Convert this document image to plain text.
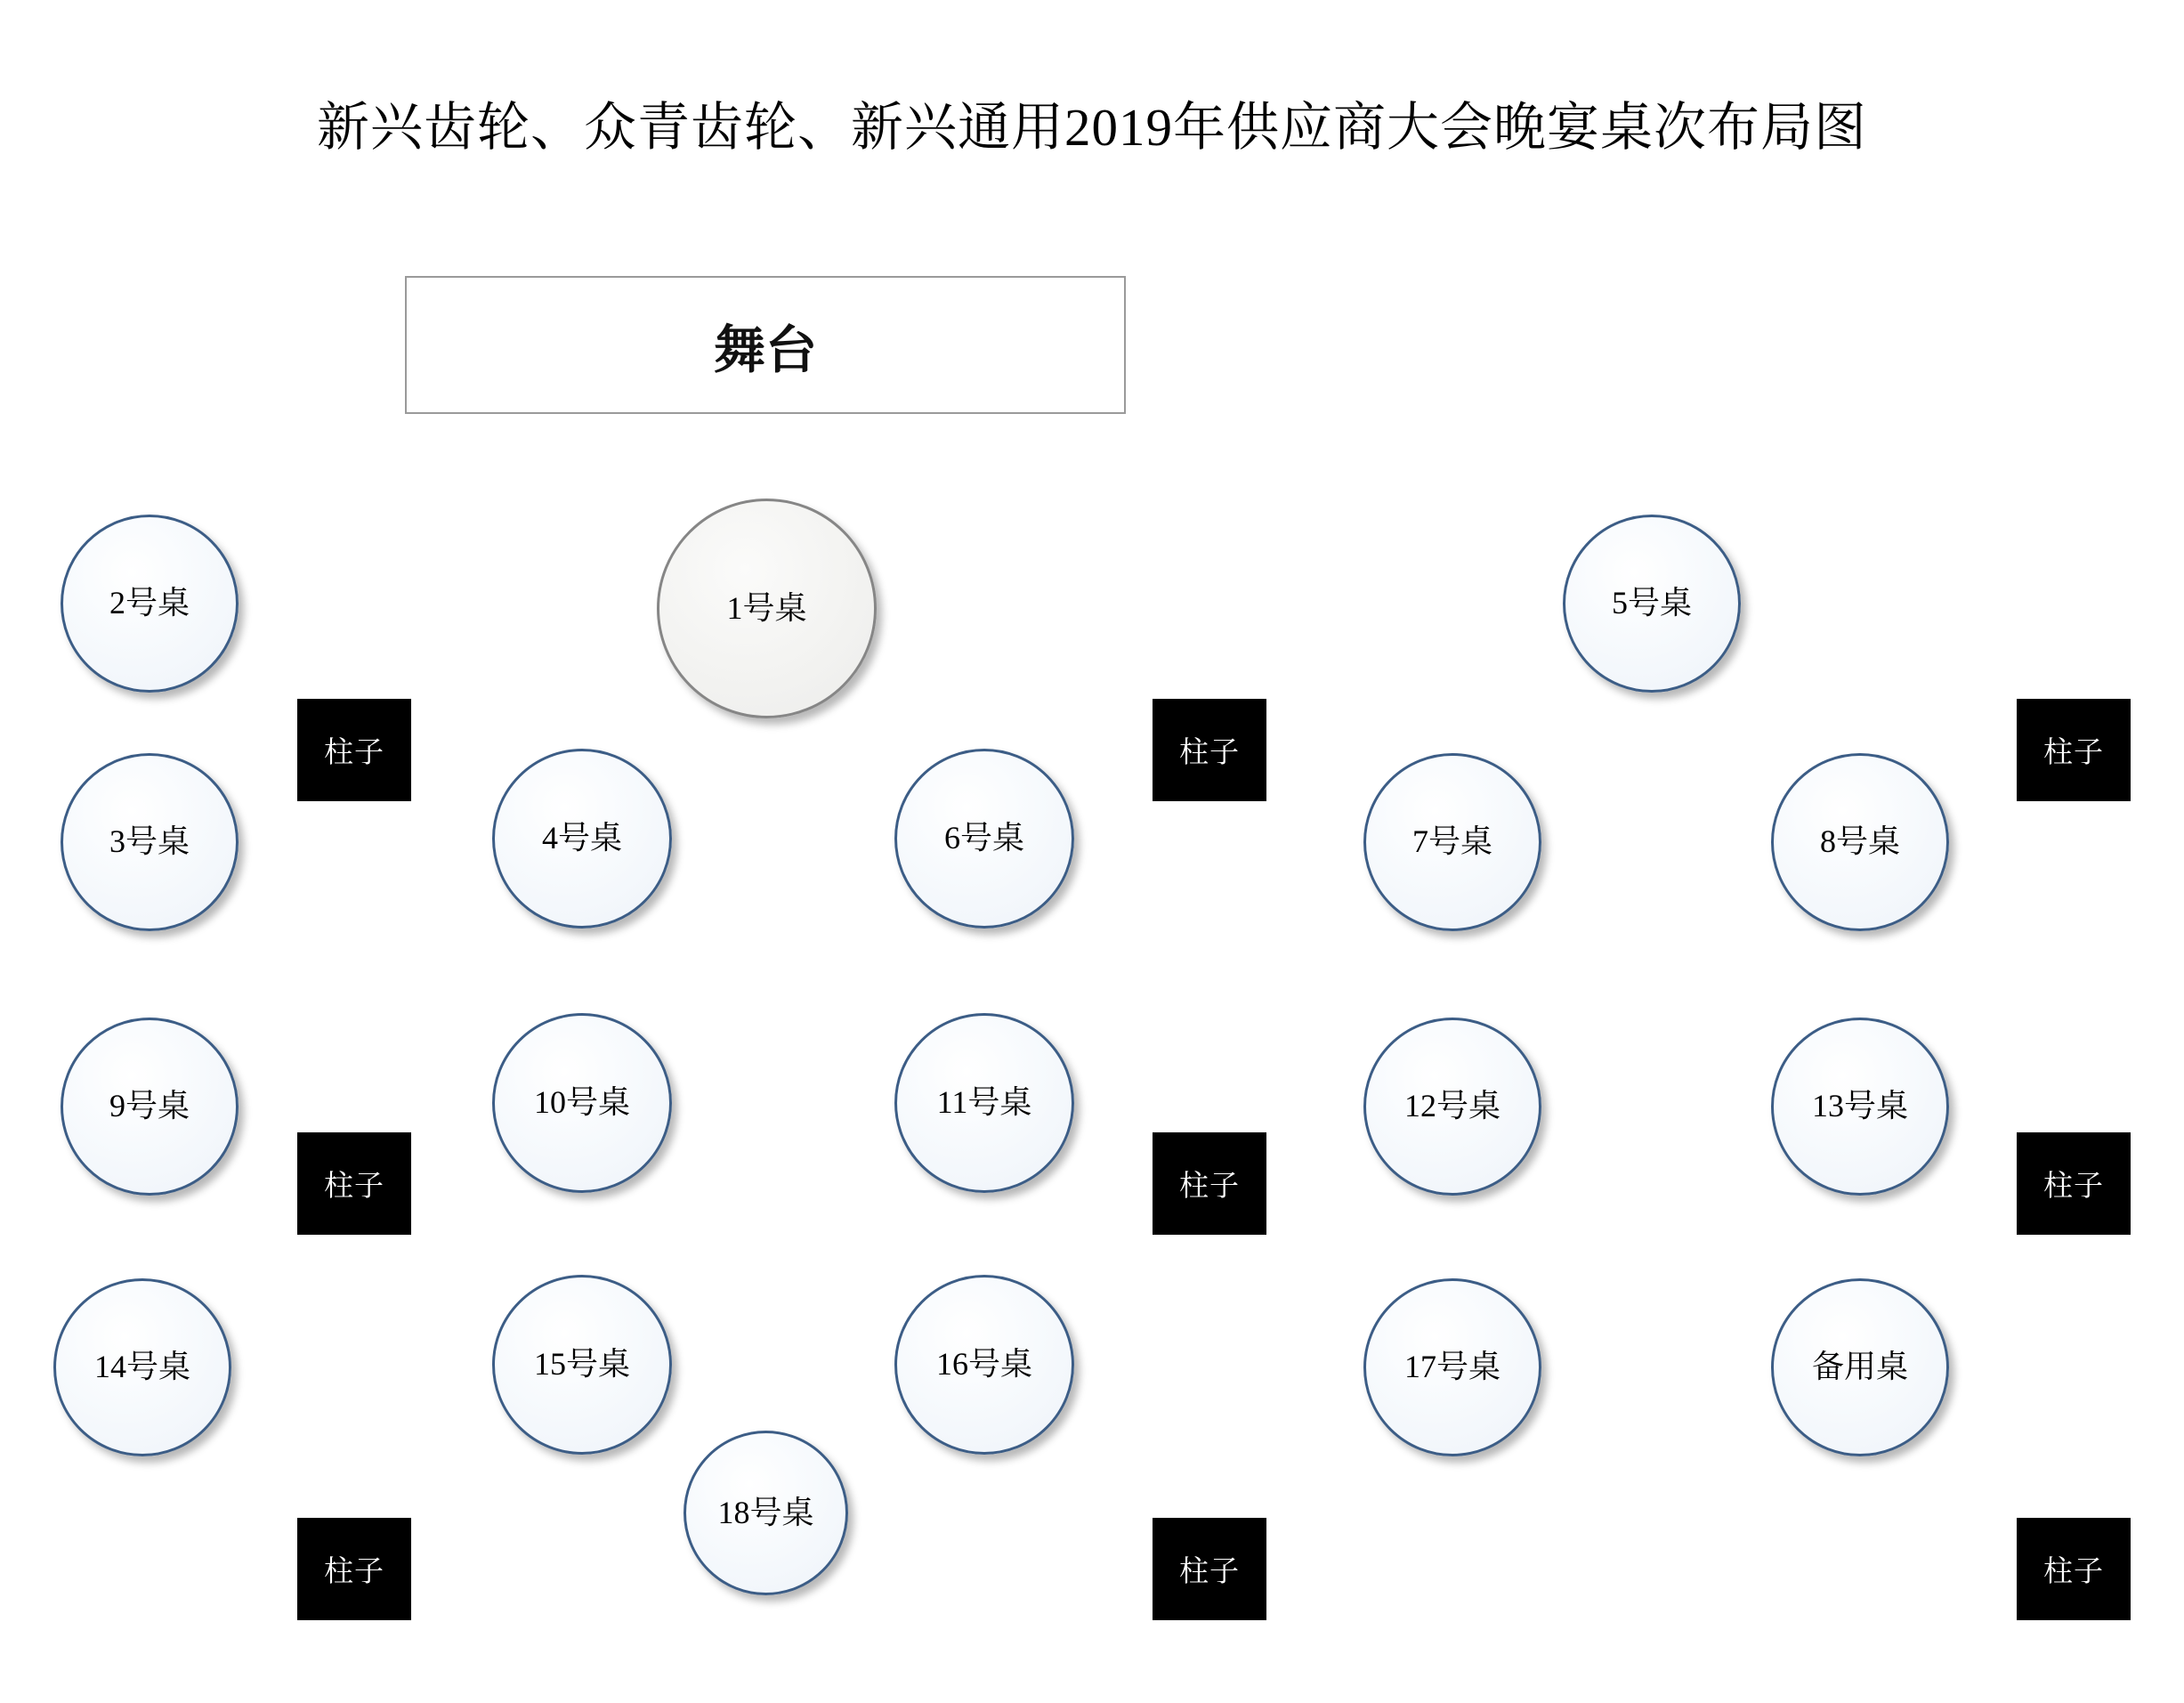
新兴齿轮、众青齿轮、新兴通用2019年供应商大会晚宴桌次布局图
舞台
2号桌	1号桌	5号桌
3号桌	4号桌	6号桌	7号桌	8号桌
9号桌	10号桌	11号桌	12号桌	13号桌
14号桌	15号桌	16号桌	17号桌	备用桌
18号桌
柱子	柱子	柱子
柱子	柱子	柱子
柱子	柱子	柱子
